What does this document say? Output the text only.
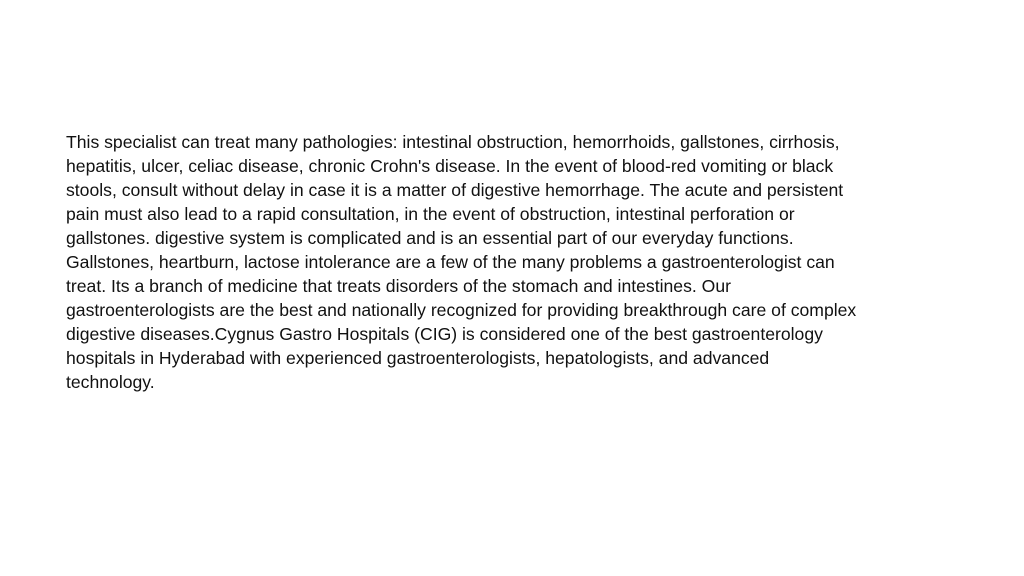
This specialist can treat many pathologies: intestinal obstruction, hemorrhoids, gallstones, cirrhosis,
hepatitis, ulcer, celiac disease, chronic Crohn's disease. In the event of blood-red vomiting or black
stools, consult without delay in case it is a matter of digestive hemorrhage. The acute and persistent
pain must also lead to a rapid consultation, in the event of obstruction, intestinal perforation or
gallstones. digestive system is complicated and is an essential part of our everyday functions.
Gallstones, heartburn, lactose intolerance are a few of the many problems a gastroenterologist can
treat. Its a branch of medicine that treats disorders of the stomach and intestines. Our
gastroenterologists are the best and nationally recognized for providing breakthrough care of complex
digestive diseases.Cygnus Gastro Hospitals (CIG) is considered one of the best gastroenterology
hospitals in Hyderabad with experienced gastroenterologists, hepatologists, and advanced
technology.
